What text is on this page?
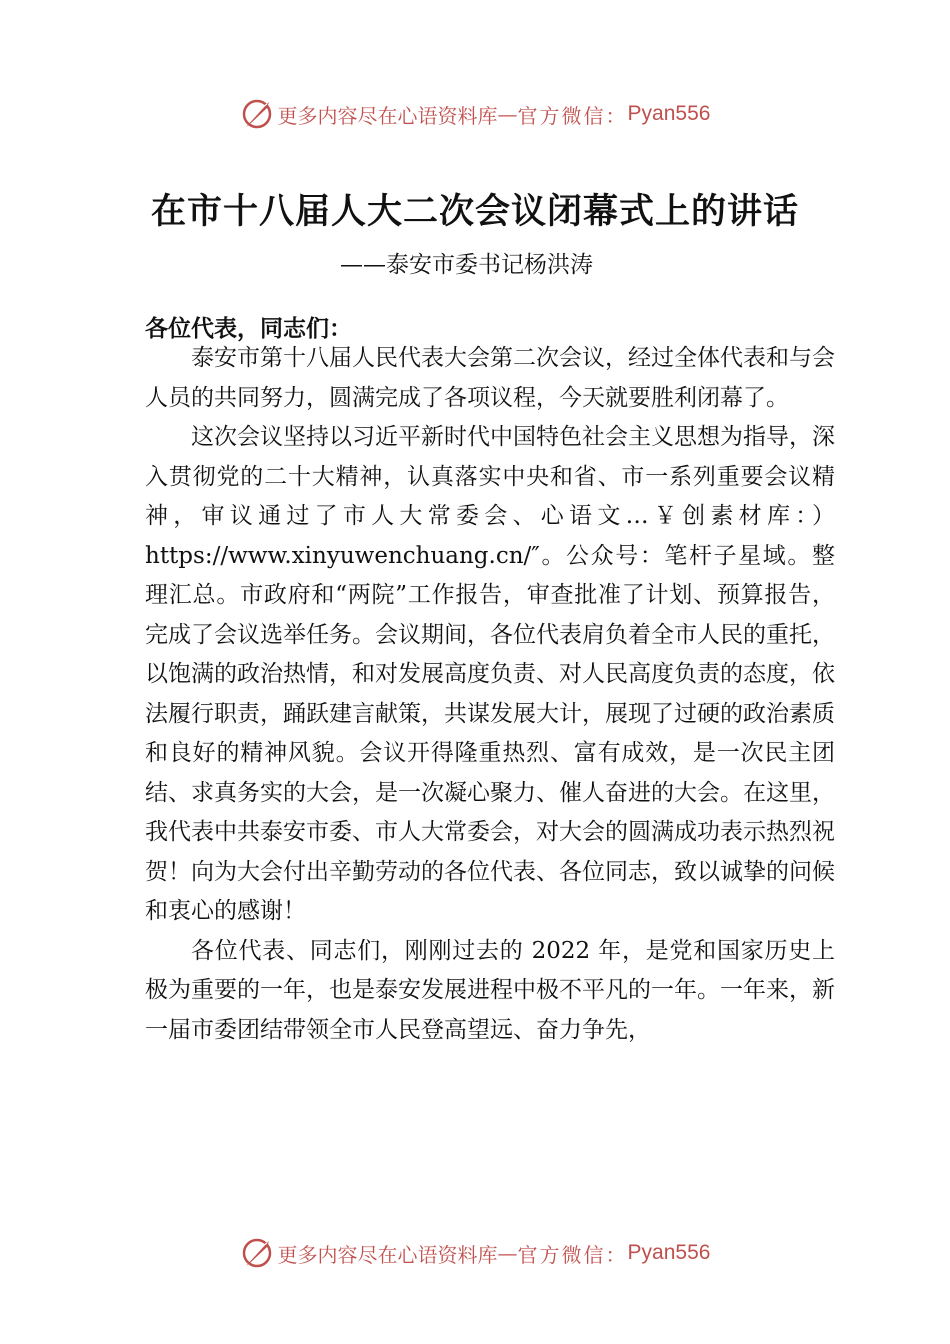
更多内容尽在心语资料库 — 官方微信： Pyan556
在市十八届人大二次会议闭幕式上的讲话
——泰安市委书记杨洪涛
各位代表，同志们：

泰安市第十八届人民代表大会第二次会议，经过全体代表和与会人员的共同努力，圆满完成了各项议程，今天就要胜利闭幕了。

这次会议坚持以习近平新时代中国特色社会主义思想为指导，深入贯彻党的二十大精神，认真落实中央和省、市一系列重要会议精神，审议通过了市人大常委会、心语文…￥创素材库：）https://www.xinyuwenchuang.cn/″。公众号：笔杆子星域。整理汇总。市政府和“两院”工作报告，审查批准了计划、预算报告，完成了会议选举任务。会议期间，各位代表肩负着全市人民的重托，以饱满的政治热情，和对发展高度负责、对人民高度负责的态度，依法履行职责，踊跃建言献策，共谋发展大计，展现了过硬的政治素质和良好的精神风貌。会议开得隆重热烈、富有成效，是一次民主团结、求真务实的大会，是一次凝心聚力、催人奋进的大会。在这里，我代表中共泰安市委、市人大常委会，对大会的圆满成功表示热烈祝贺！向为大会付出辛勤劳动的各位代表、各位同志，致以诚挚的问候和衷心的感谢！

各位代表、同志们，刚刚过去的 2022 年，是党和国家历史上极为重要的一年，也是泰安发展进程中极不平凡的一年。一年来，新一届市委团结带领全市人民登高望远、奋力争先，

更多内容尽在心语资料库 — 官方微信： Pyan556
